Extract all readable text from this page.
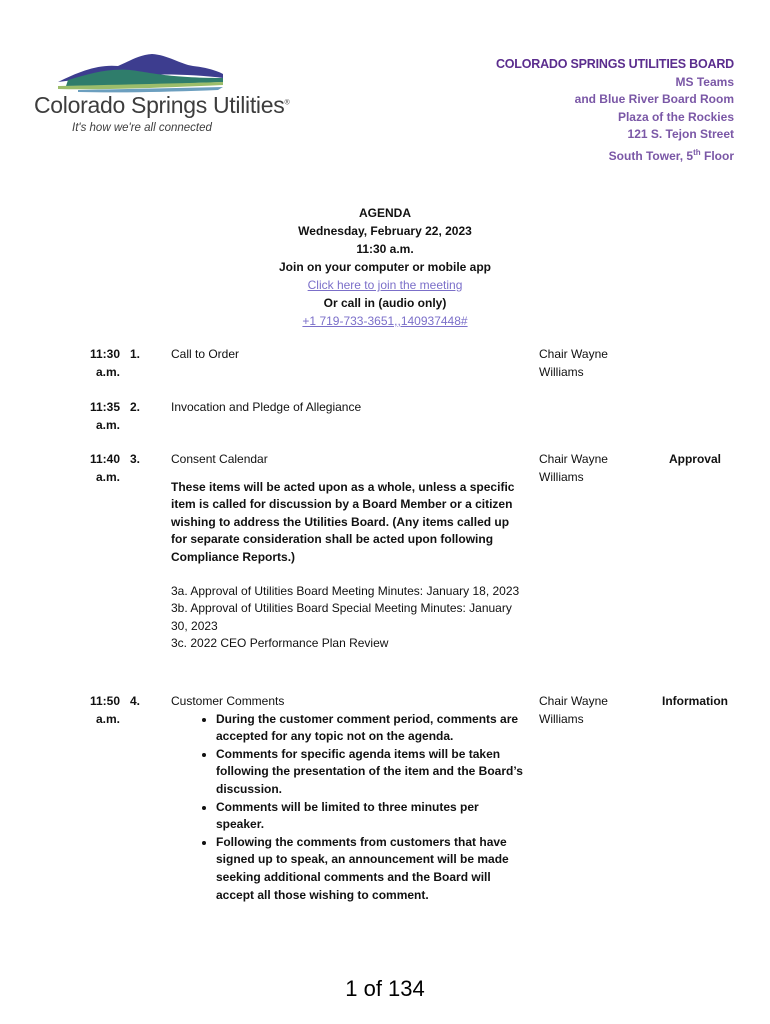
Colorado Springs Utilities®
It's how we're all connected
COLORADO SPRINGS UTILITIES BOARD
MS Teams
and Blue River Board Room
Plaza of the Rockies
121 S. Tejon Street
South Tower, 5th Floor
AGENDA
Wednesday, February 22, 2023
11:30 a.m.
Join on your computer or mobile app
Click here to join the meeting
Or call in (audio only)
+1 719-733-3651,,140937448#
11:30 a.m.
1.	Call to Order	Chair Wayne Williams
11:35 a.m.
2.	Invocation and Pledge of Allegiance
11:40 a.m.
3.	Consent Calendar
These items will be acted upon as a whole, unless a specific item is called for discussion by a Board Member or a citizen wishing to address the Utilities Board. (Any items called up for separate consideration shall be acted upon following Compliance Reports.)
3a. Approval of Utilities Board Meeting Minutes: January 18, 2023
3b. Approval of Utilities Board Special Meeting Minutes: January 30, 2023
3c. 2022 CEO Performance Plan Review
Chair Wayne Williams
Approval
11:50 a.m.
4.	Customer Comments
• During the customer comment period, comments are accepted for any topic not on the agenda.
• Comments for specific agenda items will be taken following the presentation of the item and the Board’s discussion.
• Comments will be limited to three minutes per speaker.
• Following the comments from customers that have signed up to speak, an announcement will be made seeking additional comments and the Board will accept all those wishing to comment.
Chair Wayne Williams
Information
1 of 134
